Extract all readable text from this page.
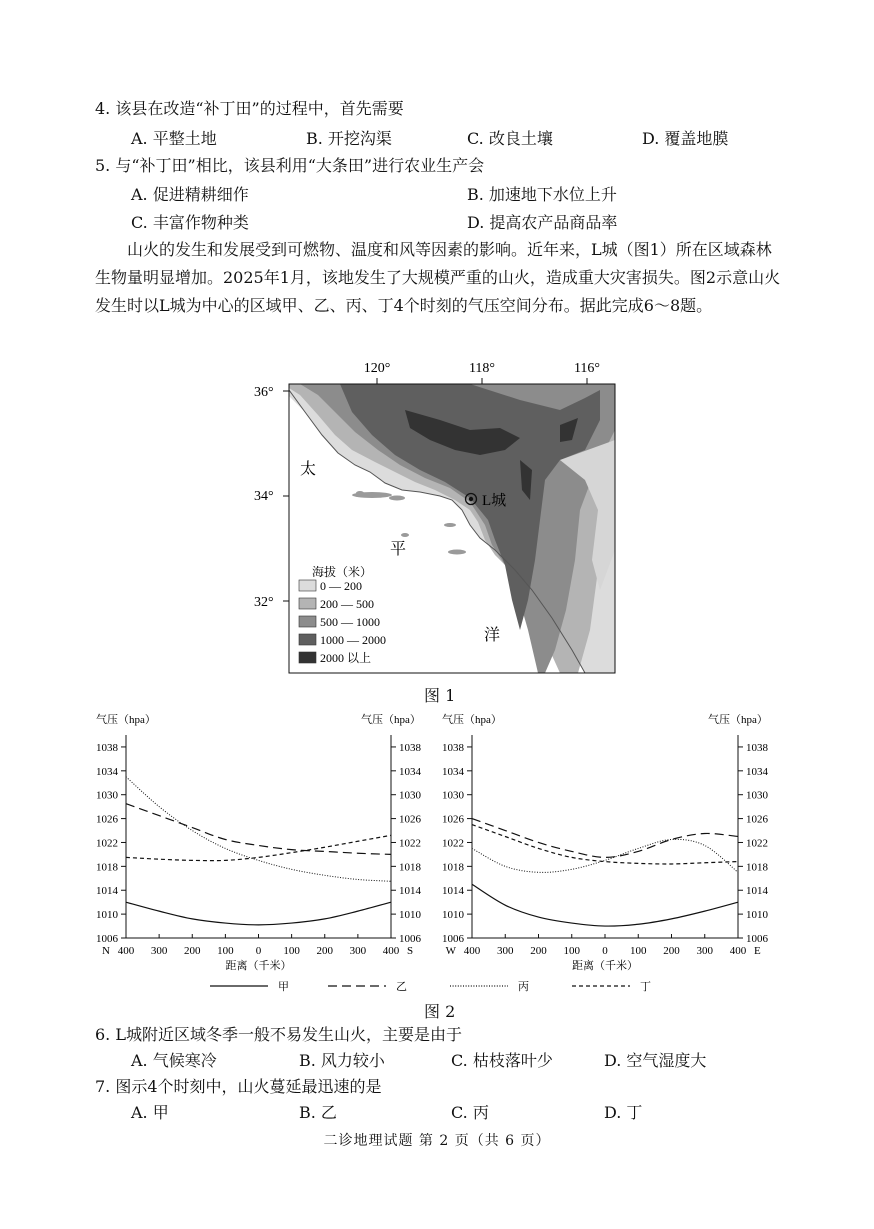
4. 该县在改造“补丁田”的过程中，首先需要
A. 平整土地	B. 开挖沟渠	C. 改良土壤	D. 覆盖地膜
5. 与“补丁田”相比，该县利用“大条田”进行农业生产会
A. 促进精耕细作	B. 加速地下水位上升
C. 丰富作物种类	D. 提高农产品商品率
山火的发生和发展受到可燃物、温度和风等因素的影响。近年来，L城（图1）所在区域森林生物量明显增加。2025年1月，该地发生了大规模严重的山火，造成重大灾害损失。图2示意山火发生时以L城为中心的区域甲、乙、丙、丁4个时刻的气压空间分布。据此完成6～8题。
120°	118°	116°
36°
34°
32°
太
平
洋
L城
海拔（米）
0 — 200
200 — 500
500 — 1000
1000 — 2000
2000 以上
图 1
气压（hpa）	气压（hpa）
1006	1006
1010	1010
1014	1014
1018	1018
1022	1022
1026	1026
1030	1030
1034	1034
1038	1038
400 300 200 100 0 100 200 300 400
N	S
距离（千米）
气压（hpa）	气压（hpa）
1006	1006
1010	1010
1014	1014
1018	1018
1022	1022
1026	1026
1030	1030
1034	1034
1038	1038
400 300 200 100 0 100 200 300 400
W	E
距离（千米）
甲	乙	丙	丁
图 2
6. L城附近区域冬季一般不易发生山火，主要是由于
A. 气候寒冷	B. 风力较小	C. 枯枝落叶少	D. 空气湿度大
7. 图示4个时刻中，山火蔓延最迅速的是
A. 甲	B. 乙	C. 丙	D. 丁
二诊地理试题 第 2 页（共 6 页）
